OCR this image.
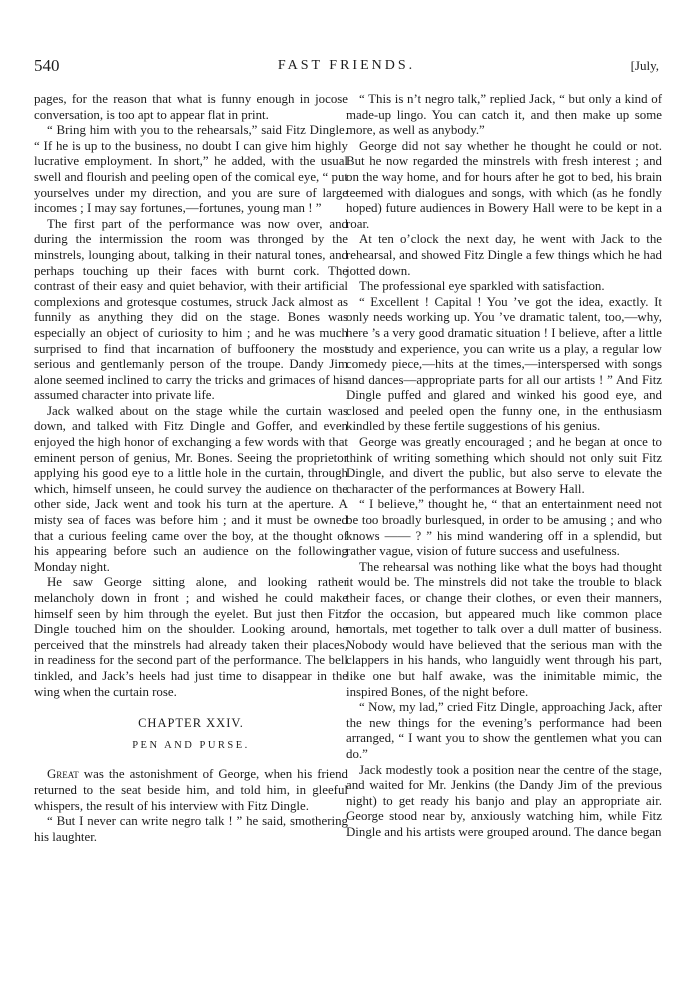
540	FAST FRIENDS.	[July,

pages, for the reason that what is funny enough in jocose conversation, is too apt to appear flat in print.

“ Bring him with you to the rehearsals,” said Fitz Dingle. “ If he is up to the business, no doubt I can give him highly lucrative employment. In short,” he added, with the usual swell and flourish and peeling open of the comical eye, “ put yourselves under my direction, and you are sure of large incomes ; I may say fortunes,—fortunes, young man ! ”

The first part of the performance was now over, and during the intermission the room was thronged by the minstrels, lounging about, talking in their natural tones, and perhaps touching up their faces with burnt cork. The contrast of their easy and quiet behavior, with their artificial complexions and grotesque costumes, struck Jack almost as funnily as anything they did on the stage. Bones was especially an object of curiosity to him ; and he was much surprised to find that incarnation of buffoonery the most serious and gentlemanly person of the troupe. Dandy Jim alone seemed inclined to carry the tricks and grimaces of his assumed character into private life.

Jack walked about on the stage while the curtain was down, and talked with Fitz Dingle and Goffer, and even enjoyed the high honor of exchanging a few words with that eminent person of genius, Mr. Bones. Seeing the proprietor applying his good eye to a little hole in the curtain, through which, himself unseen, he could survey the audience on the other side, Jack went and took his turn at the aperture. A misty sea of faces was before him ; and it must be owned that a curious feeling came over the boy, at the thought of his appearing before such an audience on the following Monday night.

He saw George sitting alone, and looking rather melancholy down in front ; and wished he could make himself seen by him through the eyelet. But just then Fitz Dingle touched him on the shoulder. Looking around, he perceived that the minstrels had already taken their places, in readiness for the second part of the performance. The bell tinkled, and Jack’s heels had just time to disappear in the wing when the curtain rose.

CHAPTER XXIV.
PEN AND PURSE.

Great was the astonishment of George, when his friend returned to the seat beside him, and told him, in gleeful whispers, the result of his interview with Fitz Dingle.

“ But I never can write negro talk ! ” he said, smothering his laughter.

“ This is n’t negro talk,” replied Jack, “ but only a kind of made-up lingo. You can catch it, and then make up some more, as well as anybody.”

George did not say whether he thought he could or not. But he now regarded the minstrels with fresh interest ; and on the way home, and for hours after he got to bed, his brain teemed with dialogues and songs, with which (as he fondly hoped) future audiences in Bowery Hall were to be kept in a roar.

At ten o’clock the next day, he went with Jack to the rehearsal, and showed Fitz Dingle a few things which he had jotted down.

The professional eye sparkled with satisfaction.

“ Excellent ! Capital ! You ’ve got the idea, exactly. It only needs working up. You ’ve dramatic talent, too,—why, here ’s a very good dramatic situation ! I believe, after a little study and experience, you can write us a play, a regular low comedy piece,—hits at the times,—interspersed with songs and dances—appropriate parts for all our artists ! ” And Fitz Dingle puffed and glared and winked his good eye, and closed and peeled open the funny one, in the enthusiasm kindled by these fertile suggestions of his genius.

George was greatly encouraged ; and he began at once to think of writing something which should not only suit Fitz Dingle, and divert the public, but also serve to elevate the character of the performances at Bowery Hall.

“ I believe,” thought he, “ that an entertainment need not be too broadly burlesqued, in order to be amusing ; and who knows —— ? ” his mind wandering off in a splendid, but rather vague, vision of future success and usefulness.

The rehearsal was nothing like what the boys had thought it would be. The minstrels did not take the trouble to black their faces, or change their clothes, or even their manners, for the occasion, but appeared much like common place mortals, met together to talk over a dull matter of business. Nobody would have believed that the serious man with the clappers in his hands, who languidly went through his part, like one but half awake, was the inimitable mimic, the inspired Bones, of the night before.

“ Now, my lad,” cried Fitz Dingle, approaching Jack, after the new things for the evening’s performance had been arranged, “ I want you to show the gentlemen what you can do.”

Jack modestly took a position near the centre of the stage, and waited for Mr. Jenkins (the Dandy Jim of the previous night) to get ready his banjo and play an appropriate air. George stood near by, anxiously watching him, while Fitz Dingle and his artists were grouped around. The dance began
